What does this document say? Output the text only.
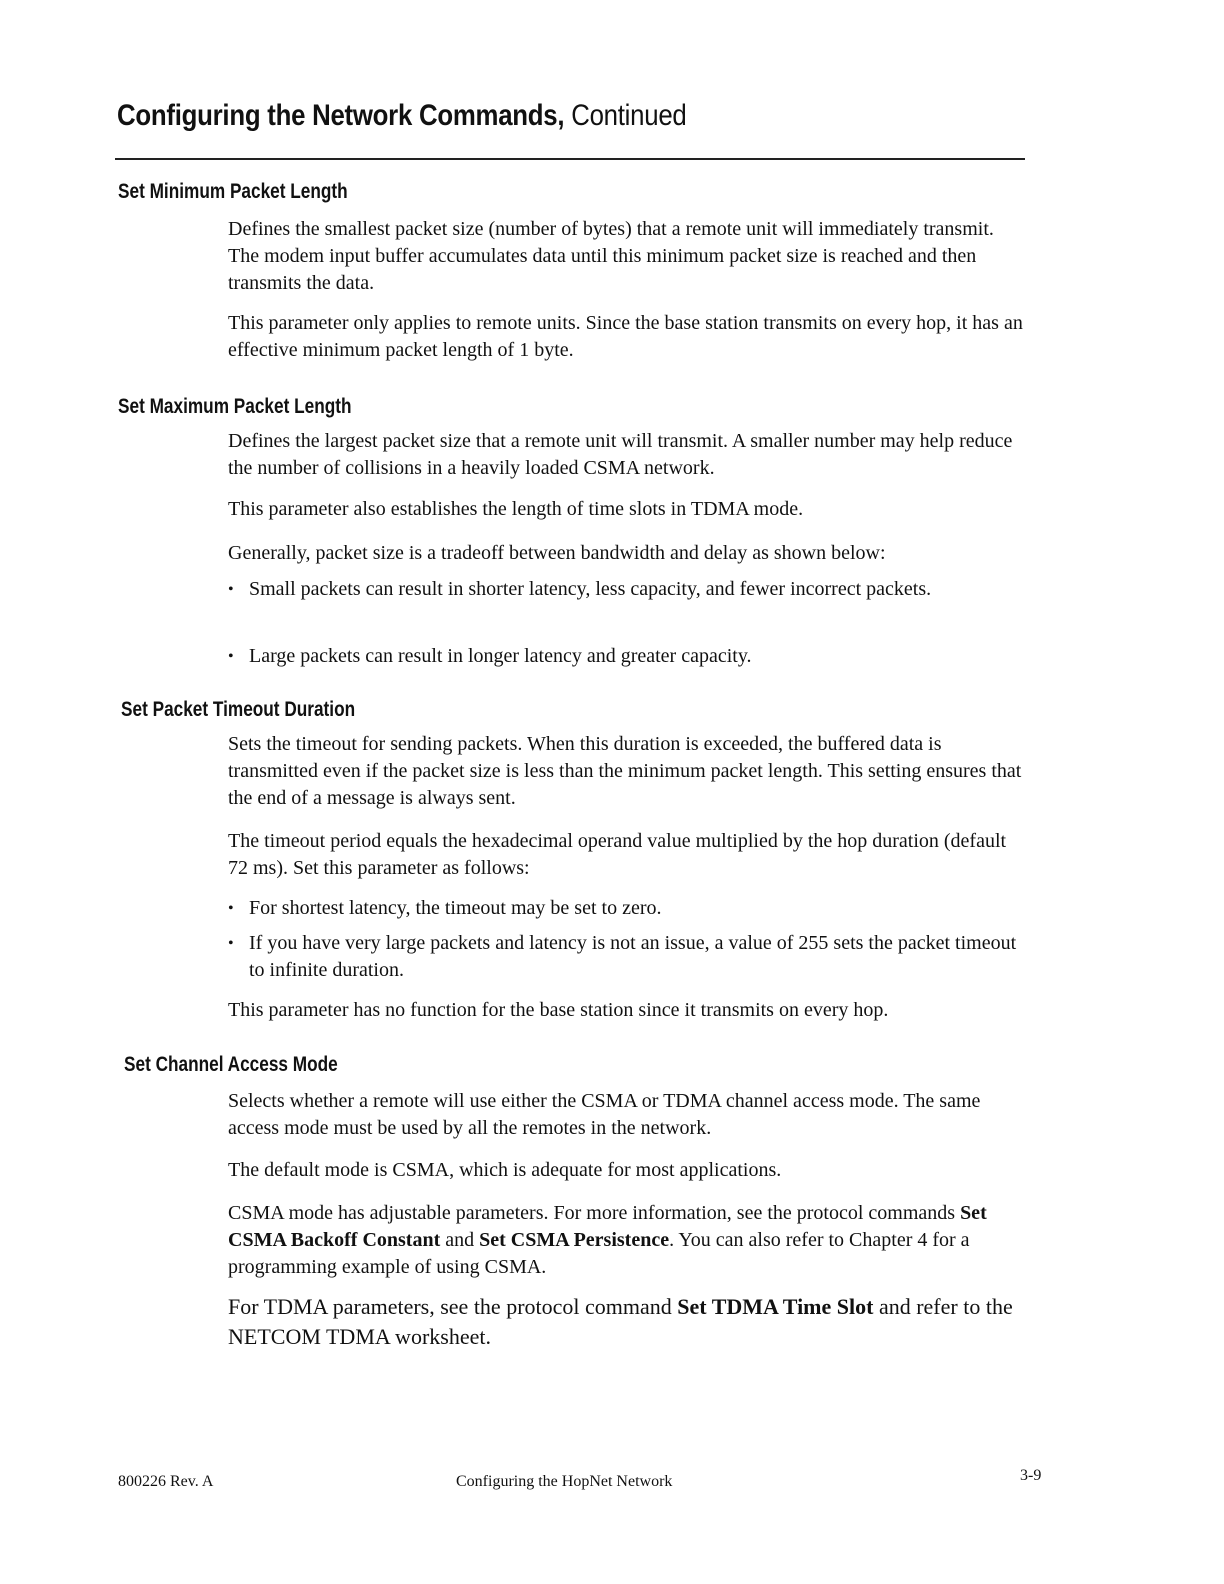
Configuring the Network Commands, Continued
Set Minimum Packet Length
Defines the smallest packet size (number of bytes) that a remote unit will immediately transmit. The modem input buffer accumulates data until this minimum packet size is reached and then transmits the data.
This parameter only applies to remote units. Since the base station transmits on every hop, it has an effective minimum packet length of 1 byte.
Set Maximum Packet Length
Defines the largest packet size that a remote unit will transmit. A smaller number may help reduce the number of collisions in a heavily loaded CSMA network.
This parameter also establishes the length of time slots in TDMA mode.
Generally, packet size is a tradeoff between bandwidth and delay as shown below:
• Small packets can result in shorter latency, less capacity, and fewer incorrect packets.
• Large packets can result in longer latency and greater capacity.
Set Packet Timeout Duration
Sets the timeout for sending packets. When this duration is exceeded, the buffered data is transmitted even if the packet size is less than the minimum packet length. This setting ensures that the end of a message is always sent.
The timeout period equals the hexadecimal operand value multiplied by the hop duration (default 72 ms). Set this parameter as follows:
• For shortest latency, the timeout may be set to zero.
• If you have very large packets and latency is not an issue, a value of 255 sets the packet timeout to infinite duration.
This parameter has no function for the base station since it transmits on every hop.
Set Channel Access Mode
Selects whether a remote will use either the CSMA or TDMA channel access mode. The same access mode must be used by all the remotes in the network.
The default mode is CSMA, which is adequate for most applications.
CSMA mode has adjustable parameters. For more information, see the protocol commands Set CSMA Backoff Constant and Set CSMA Persistence. You can also refer to Chapter 4 for a programming example of using CSMA.
For TDMA parameters, see the protocol command Set TDMA Time Slot and refer to the NETCOM TDMA worksheet.
800226 Rev. A	Configuring the HopNet Network	3-9
